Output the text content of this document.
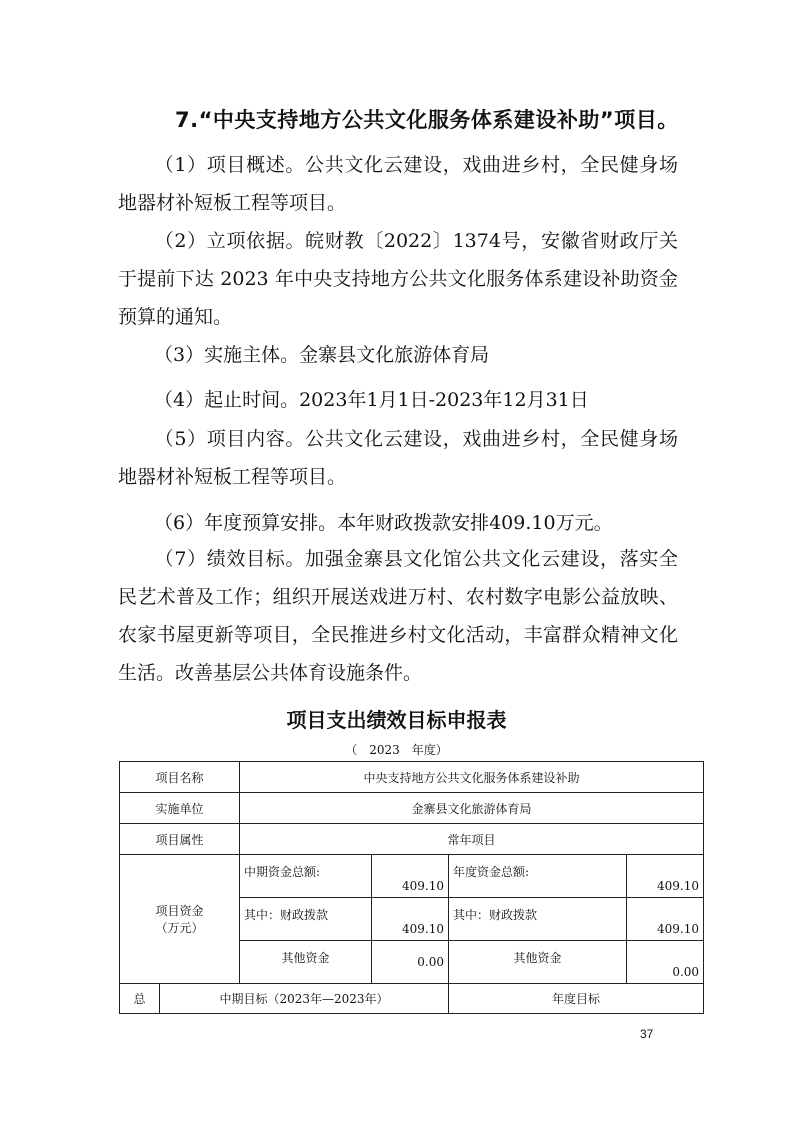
7.“中央支持地方公共文化服务体系建设补助”项目。
（1）项目概述。公共文化云建设，戏曲进乡村，全民健身场地器材补短板工程等项目。
（2）立项依据。皖财教〔2022〕1374号，安徽省财政厅关于提前下达 2023 年中央支持地方公共文化服务体系建设补助资金预算的通知。
（3）实施主体。金寨县文化旅游体育局
（4）起止时间。2023年1月1日-2023年12月31日
（5）项目内容。公共文化云建设，戏曲进乡村，全民健身场地器材补短板工程等项目。
（6）年度预算安排。本年财政拨款安排409.10万元。
（7）绩效目标。加强金寨县文化馆公共文化云建设，落实全民艺术普及工作；组织开展送戏进万村、农村数字电影公益放映、农家书屋更新等项目，全民推进乡村文化活动，丰富群众精神文化生活。改善基层公共体育设施条件。
项目支出绩效目标申报表
（　2023　年度）
项目名称		中央支持地方公共文化服务体系建设补助			
实施单位		金寨县文化旅游体育局			
项目属性		常年项目			

项目资金
（万元）		中期资金总额:	409.10	年度资金总额:	409.10
		其中：财政拨款	409.10	其中：财政拨款	409.10
		其他资金	0.00	其他资金	0.00
总	中期目标（2023年—2023年）			年度目标	
37
